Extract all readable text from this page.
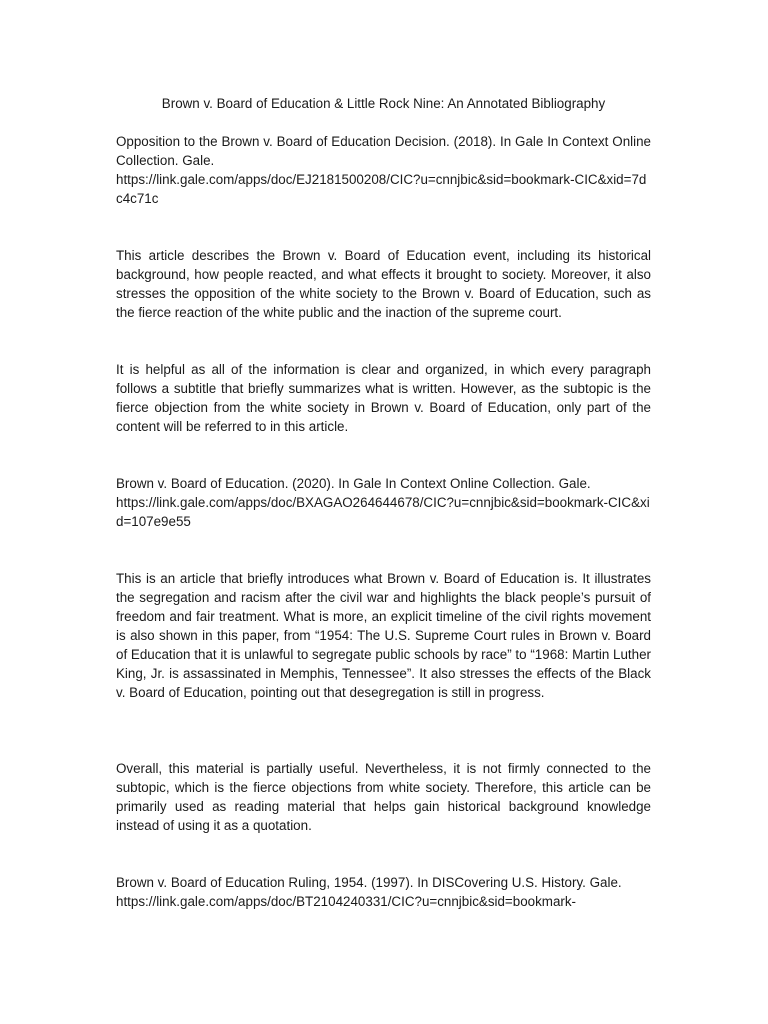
Brown v. Board of Education & Little Rock Nine: An Annotated Bibliography

Opposition to the Brown v. Board of Education Decision. (2018). In Gale In Context Online Collection. Gale.

https://link.gale.com/apps/doc/EJ2181500208/CIC?u=cnnjbic&sid=bookmark-CIC&xid=7dc4c71c

This article describes the Brown v. Board of Education event, including its historical background, how people reacted, and what effects it brought to society. Moreover, it also stresses the opposition of the white society to the Brown v. Board of Education, such as the fierce reaction of the white public and the inaction of the supreme court.

It is helpful as all of the information is clear and organized, in which every paragraph follows a subtitle that briefly summarizes what is written. However, as the subtopic is the fierce objection from the white society in Brown v. Board of Education, only part of the content will be referred to in this article.

Brown v. Board of Education. (2020). In Gale In Context Online Collection. Gale.

https://link.gale.com/apps/doc/BXAGAO264644678/CIC?u=cnnjbic&sid=bookmark-CIC&xid=107e9e55

This is an article that briefly introduces what Brown v. Board of Education is. It illustrates the segregation and racism after the civil war and highlights the black people’s pursuit of freedom and fair treatment. What is more, an explicit timeline of the civil rights movement is also shown in this paper, from “1954: The U.S. Supreme Court rules in Brown v. Board of Education that it is unlawful to segregate public schools by race” to “1968: Martin Luther King, Jr. is assassinated in Memphis, Tennessee”. It also stresses the effects of the Black v. Board of Education, pointing out that desegregation is still in progress.

Overall, this material is partially useful. Nevertheless, it is not firmly connected to the subtopic, which is the fierce objections from white society. Therefore, this article can be primarily used as reading material that helps gain historical background knowledge instead of using it as a quotation.

Brown v. Board of Education Ruling, 1954. (1997). In DISCovering U.S. History. Gale.

https://link.gale.com/apps/doc/BT2104240331/CIC?u=cnnjbic&sid=bookmark-
